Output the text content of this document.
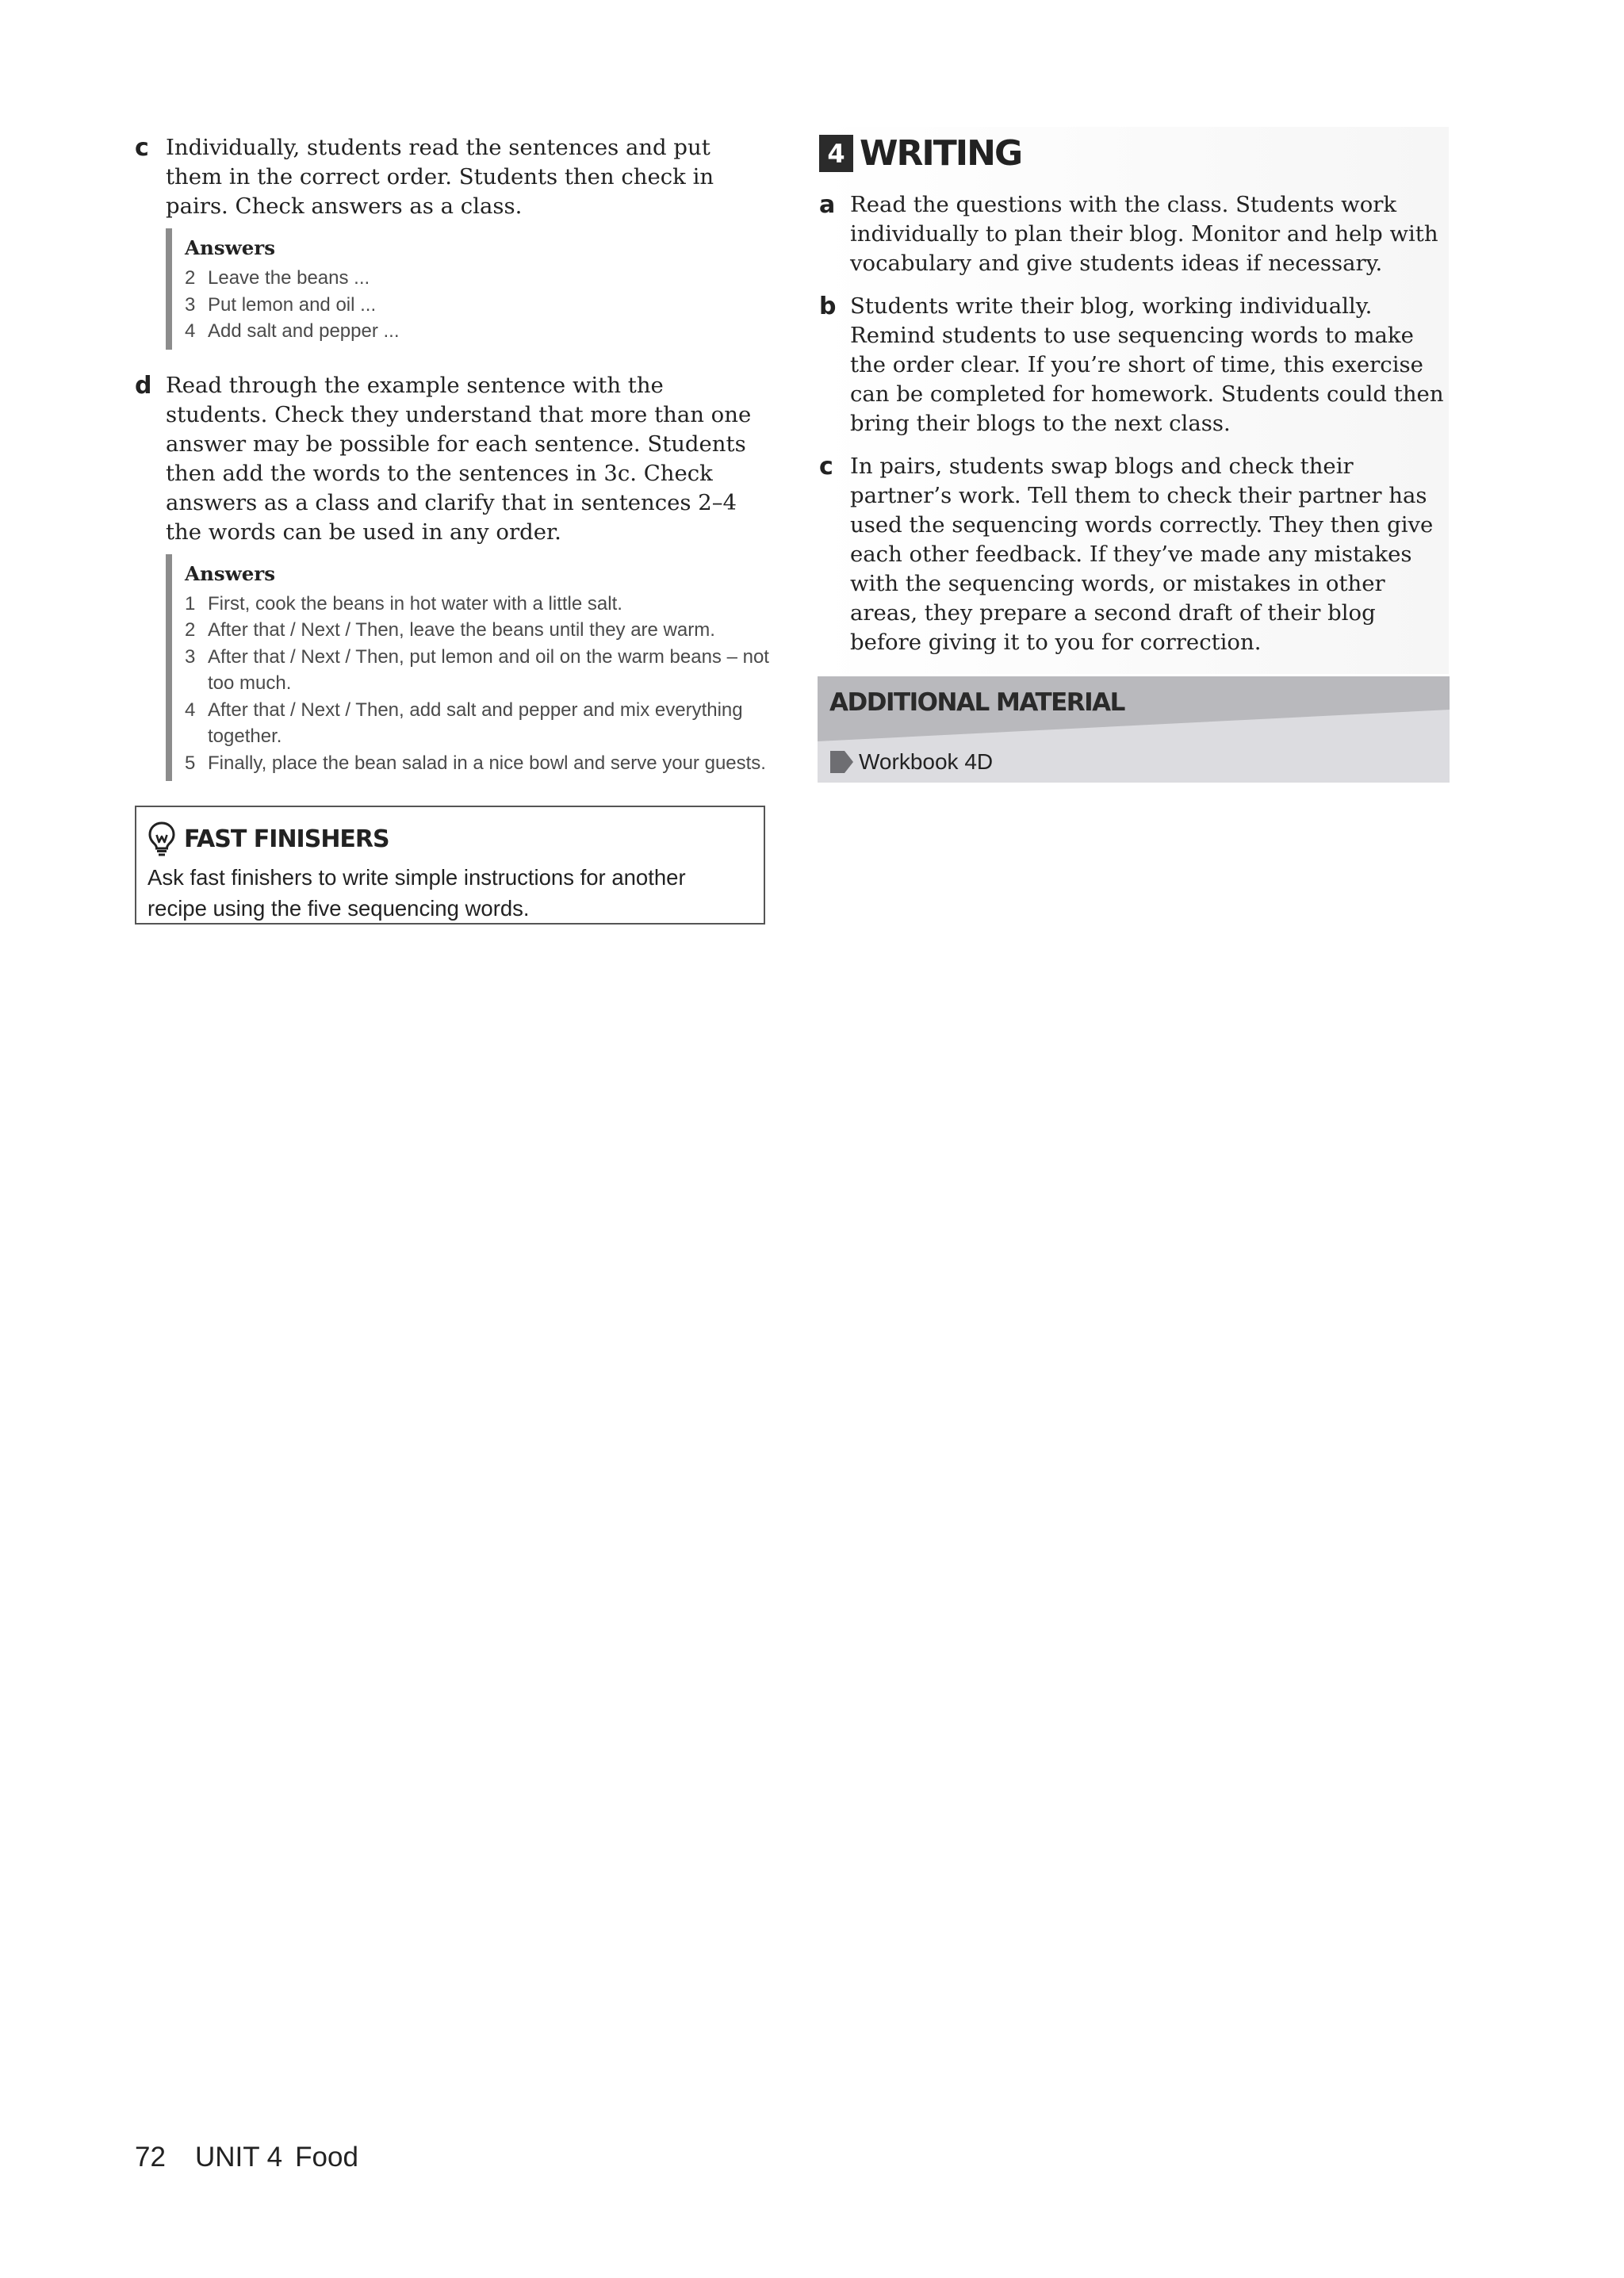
c Individually, students read the sentences and put them in the correct order. Students then check in pairs. Check answers as a class.
Answers
2 Leave the beans ...
3 Put lemon and oil ...
4 Add salt and pepper ...
d Read through the example sentence with the students. Check they understand that more than one answer may be possible for each sentence. Students then add the words to the sentences in 3c. Check answers as a class and clarify that in sentences 2–4 the words can be used in any order.
Answers
1 First, cook the beans in hot water with a little salt.
2 After that / Next / Then, leave the beans until they are warm.
3 After that / Next / Then, put lemon and oil on the warm beans – not too much.
4 After that / Next / Then, add salt and pepper and mix everything together.
5 Finally, place the bean salad in a nice bowl and serve your guests.
FAST FINISHERS
Ask fast finishers to write simple instructions for another recipe using the five sequencing words.
4 WRITING
a Read the questions with the class. Students work individually to plan their blog. Monitor and help with vocabulary and give students ideas if necessary.
b Students write their blog, working individually. Remind students to use sequencing words to make the order clear. If you’re short of time, this exercise can be completed for homework. Students could then bring their blogs to the next class.
c In pairs, students swap blogs and check their partner’s work. Tell them to check their partner has used the sequencing words correctly. They then give each other feedback. If they’ve made any mistakes with the sequencing words, or mistakes in other areas, they prepare a second draft of their blog before giving it to you for correction.
ADDITIONAL MATERIAL
Workbook 4D
72 UNIT 4 Food
